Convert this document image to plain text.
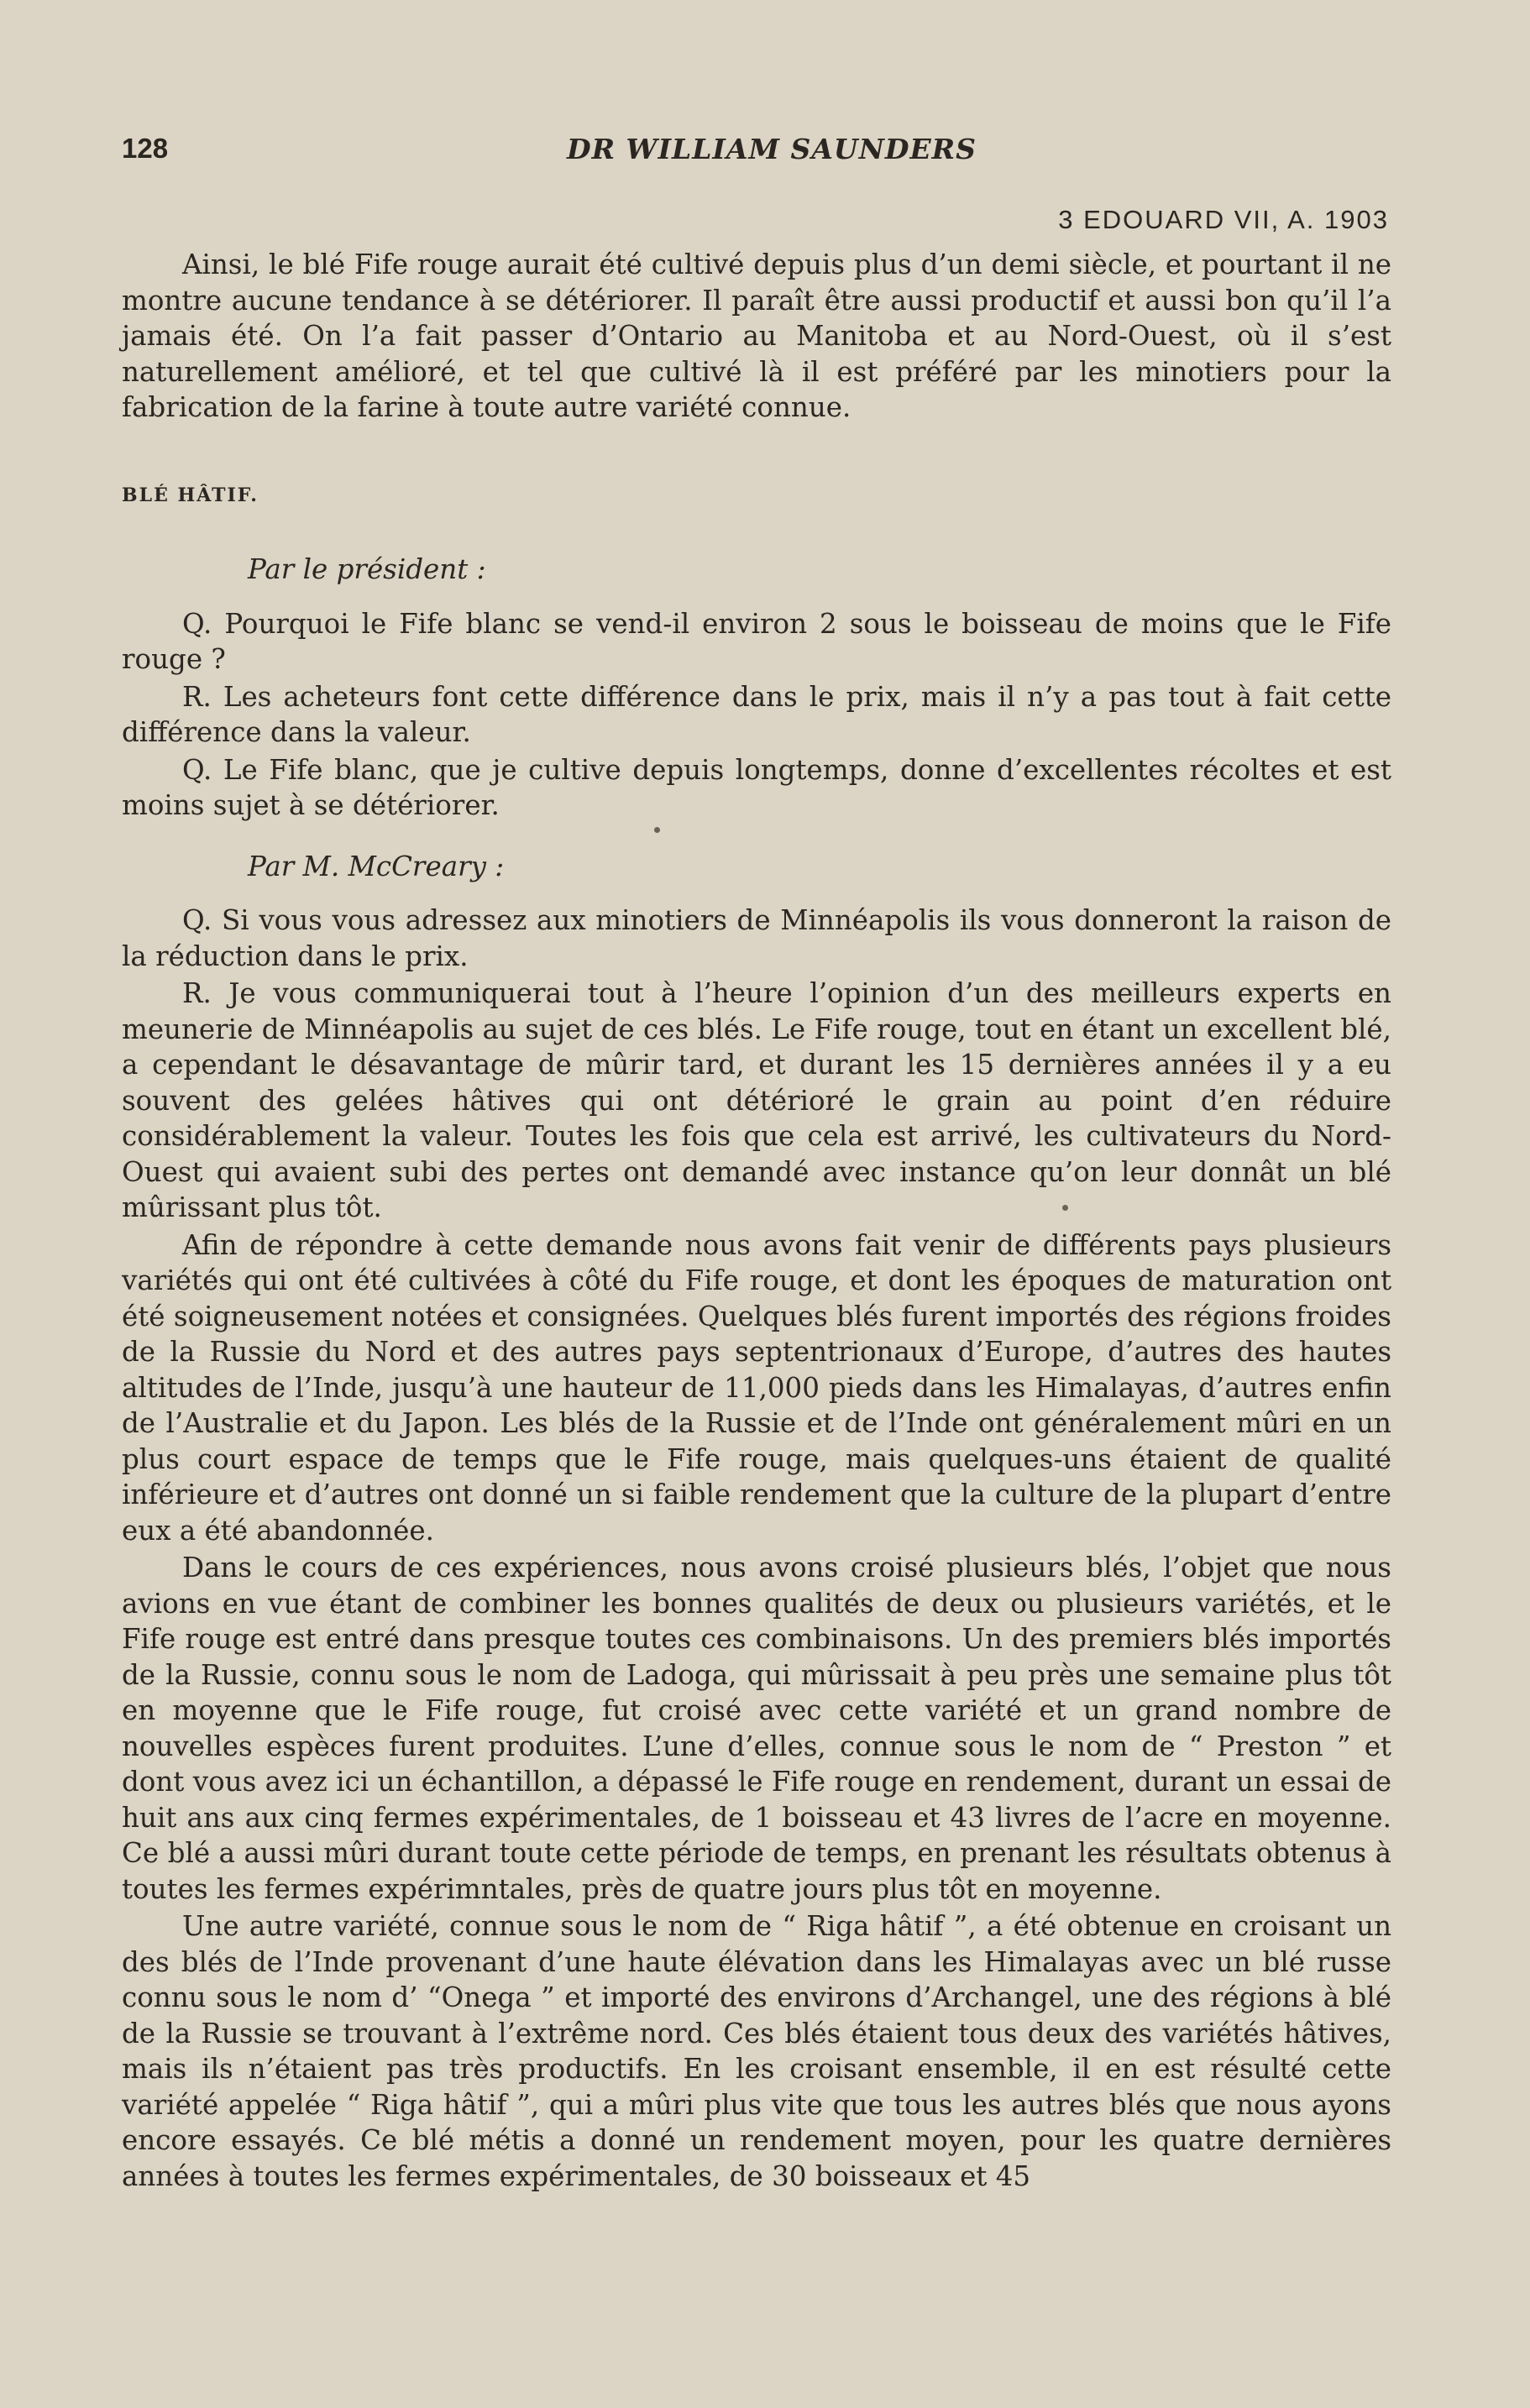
128	DR WILLIAM SAUNDERS
3 EDOUARD VII, A. 1903

Ainsi, le blé Fife rouge aurait été cultivé depuis plus d’un demi siècle, et pourtant il ne montre aucune tendance à se détériorer. Il paraît être aussi productif et aussi bon qu’il l’a jamais été. On l’a fait passer d’Ontario au Manitoba et au Nord-Ouest, où il s’est naturellement amélioré, et tel que cultivé là il est préféré par les minotiers pour la fabrication de la farine à toute autre variété connue.

BLÉ HÂTIF.

Par le président :

Q. Pourquoi le Fife blanc se vend-il environ 2 sous le boisseau de moins que le Fife rouge ?

R. Les acheteurs font cette différence dans le prix, mais il n’y a pas tout à fait cette différence dans la valeur.

Q. Le Fife blanc, que je cultive depuis longtemps, donne d’excellentes récoltes et est moins sujet à se détériorer.

Par M. McCreary :

Q. Si vous vous adressez aux minotiers de Minnéapolis ils vous donneront la raison de la réduction dans le prix.

R. Je vous communiquerai tout à l’heure l’opinion d’un des meilleurs experts en meunerie de Minnéapolis au sujet de ces blés. Le Fife rouge, tout en étant un excellent blé, a cependant le désavantage de mûrir tard, et durant les 15 dernières années il y a eu souvent des gelées hâtives qui ont détérioré le grain au point d’en réduire considérablement la valeur. Toutes les fois que cela est arrivé, les cultivateurs du Nord-Ouest qui avaient subi des pertes ont demandé avec instance qu’on leur donnât un blé mûrissant plus tôt.

Afin de répondre à cette demande nous avons fait venir de différents pays plusieurs variétés qui ont été cultivées à côté du Fife rouge, et dont les époques de maturation ont été soigneusement notées et consignées. Quelques blés furent importés des régions froides de la Russie du Nord et des autres pays septentrionaux d’Europe, d’autres des hautes altitudes de l’Inde, jusqu’à une hauteur de 11,000 pieds dans les Himalayas, d’autres enfin de l’Australie et du Japon. Les blés de la Russie et de l’Inde ont généralement mûri en un plus court espace de temps que le Fife rouge, mais quelques-uns étaient de qualité inférieure et d’autres ont donné un si faible rendement que la culture de la plupart d’entre eux a été abandonnée.

Dans le cours de ces expériences, nous avons croisé plusieurs blés, l’objet que nous avions en vue étant de combiner les bonnes qualités de deux ou plusieurs variétés, et le Fife rouge est entré dans presque toutes ces combinaisons. Un des premiers blés importés de la Russie, connu sous le nom de Ladoga, qui mûrissait à peu près une semaine plus tôt en moyenne que le Fife rouge, fut croisé avec cette variété et un grand nombre de nouvelles espèces furent produites. L’une d’elles, connue sous le nom de “ Preston ” et dont vous avez ici un échantillon, a dépassé le Fife rouge en rendement, durant un essai de huit ans aux cinq fermes expérimentales, de 1 boisseau et 43 livres de l’acre en moyenne. Ce blé a aussi mûri durant toute cette période de temps, en prenant les résultats obtenus à toutes les fermes expérimntales, près de quatre jours plus tôt en moyenne.

Une autre variété, connue sous le nom de “ Riga hâtif ”, a été obtenue en croisant un des blés de l’Inde provenant d’une haute élévation dans les Himalayas avec un blé russe connu sous le nom d’ “Onega ” et importé des environs d’Archangel, une des régions à blé de la Russie se trouvant à l’extrême nord. Ces blés étaient tous deux des variétés hâtives, mais ils n’étaient pas très productifs. En les croisant ensemble, il en est résulté cette variété appelée “ Riga hâtif ”, qui a mûri plus vite que tous les autres blés que nous ayons encore essayés. Ce blé métis a donné un rendement moyen, pour les quatre dernières années à toutes les fermes expérimentales, de 30 boisseaux et 45
